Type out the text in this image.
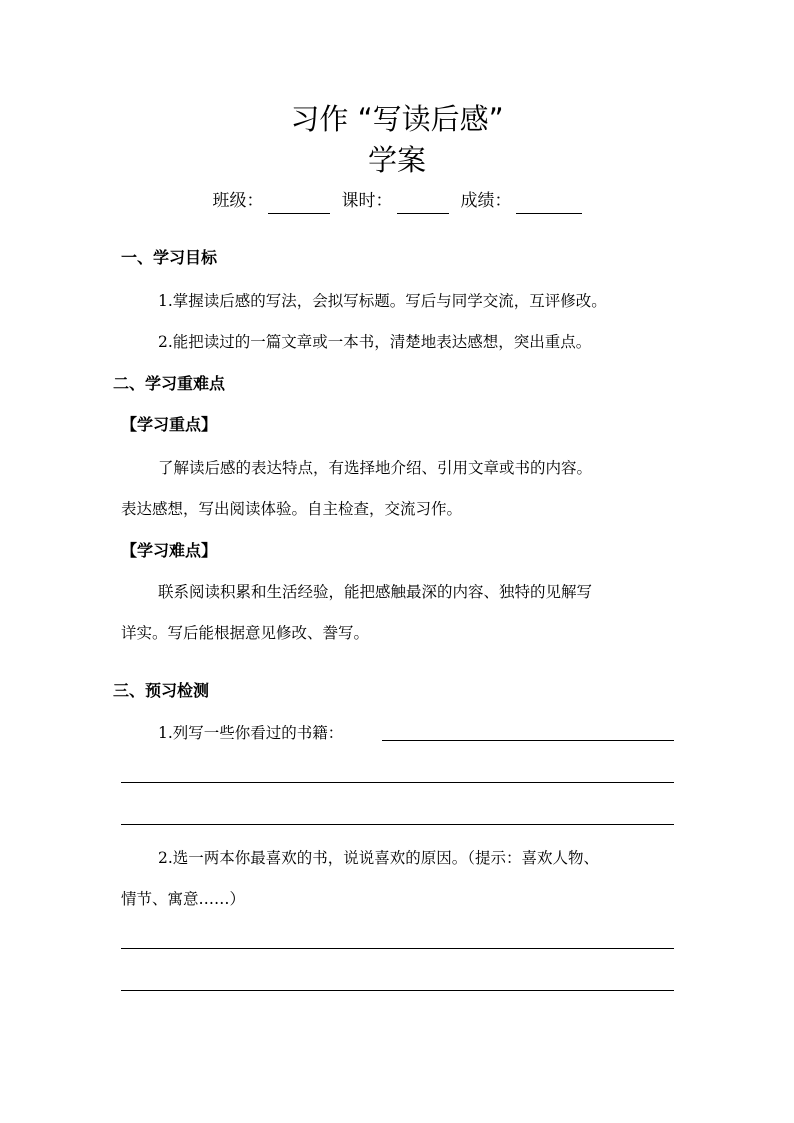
习作 “写读后感”
学案
班级：	课时：	成绩：
一、学习目标
1.掌握读后感的写法，会拟写标题。写后与同学交流，互评修改。
2.能把读过的一篇文章或一本书，清楚地表达感想，突出重点。
二、学习重难点
【学习重点】
了解读后感的表达特点，有选择地介绍、引用文章或书的内容。
表达感想，写出阅读体验。自主检查，交流习作。
【学习难点】
联系阅读积累和生活经验，能把感触最深的内容、独特的见解写
详实。写后能根据意见修改、誊写。
三、预习检测
1.列写一些你看过的书籍：
2.选一两本你最喜欢的书，说说喜欢的原因。（提示：喜欢人物、
情节、寓意……）
